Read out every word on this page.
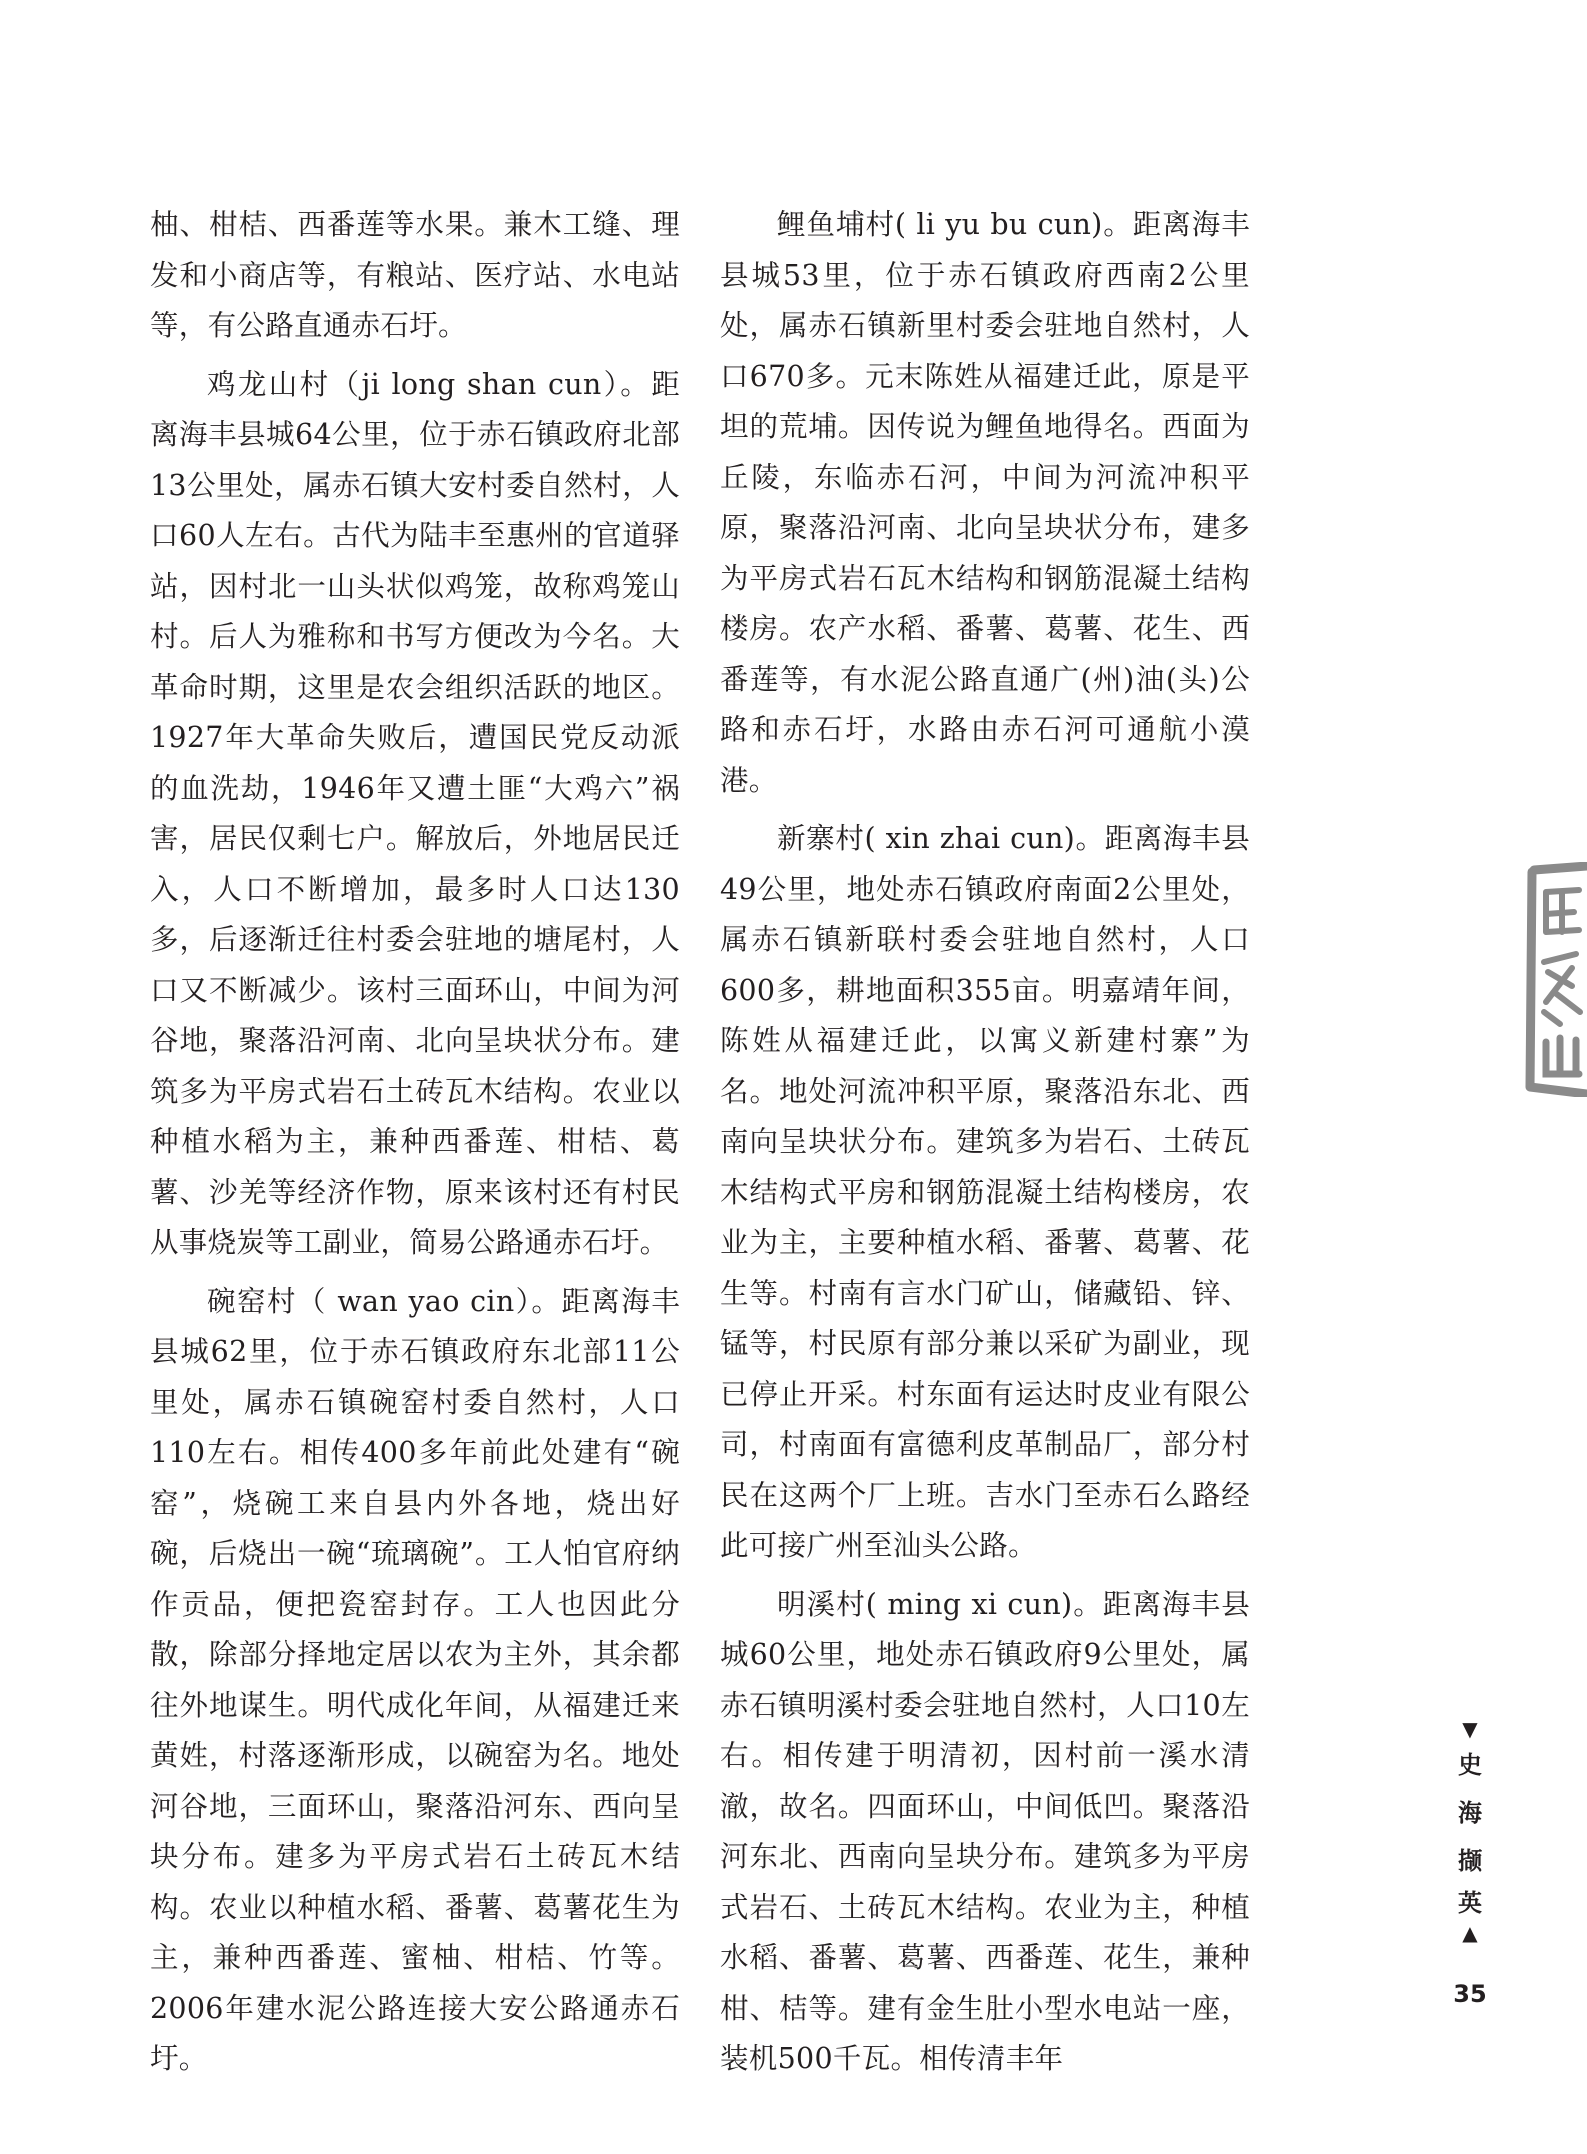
柚、柑桔、西番莲等水果。兼木工缝、理发和小商店等，有粮站、医疗站、水电站等，有公路直通赤石圩。

鸡龙山村（ji long shan cun）。距离海丰县城64公里，位于赤石镇政府北部13公里处，属赤石镇大安村委自然村，人口60人左右。古代为陆丰至惠州的官道驿站，因村北一山头状似鸡笼，故称鸡笼山村。后人为雅称和书写方便改为今名。大革命时期，这里是农会组织活跃的地区。1927年大革命失败后，遭国民党反动派的血洗劫，1946年又遭土匪“大鸡六”祸害，居民仅剩七户。解放后，外地居民迁入，人口不断增加，最多时人口达130多，后逐渐迁往村委会驻地的塘尾村，人口又不断减少。该村三面环山，中间为河谷地，聚落沿河南、北向呈块状分布。建筑多为平房式岩石土砖瓦木结构。农业以种植水稻为主，兼种西番莲、柑桔、葛薯、沙羌等经济作物，原来该村还有村民从事烧炭等工副业，简易公路通赤石圩。

碗窑村（ wan yao cin）。距离海丰县城62里，位于赤石镇政府东北部11公里处，属赤石镇碗窑村委自然村，人口110左右。相传400多年前此处建有“碗窑”，烧碗工来自县内外各地，烧出好碗，后烧出一碗“琉璃碗”。工人怕官府纳作贡品，便把瓷窑封存。工人也因此分散，除部分择地定居以农为主外，其余都往外地谋生。明代成化年间，从福建迁来黄姓，村落逐渐形成，以碗窑为名。地处河谷地，三面环山，聚落沿河东、西向呈块分布。建多为平房式岩石土砖瓦木结构。农业以种植水稻、番薯、葛薯花生为主，兼种西番莲、蜜柚、柑桔、竹等。2006年建水泥公路连接大安公路通赤石圩。

鲤鱼埔村( li yu bu cun)。距离海丰县城53里，位于赤石镇政府西南2公里处，属赤石镇新里村委会驻地自然村，人口670多。元末陈姓从福建迁此，原是平坦的荒埔。因传说为鲤鱼地得名。西面为丘陵，东临赤石河，中间为河流冲积平原，聚落沿河南、北向呈块状分布，建多为平房式岩石瓦木结构和钢筋混凝土结构楼房。农产水稻、番薯、葛薯、花生、西番莲等，有水泥公路直通广(州)油(头)公路和赤石圩，水路由赤石河可通航小漠港。

新寨村( xin zhai cun)。距离海丰县49公里，地处赤石镇政府南面2公里处，属赤石镇新联村委会驻地自然村，人口600多，耕地面积355亩。明嘉靖年间，陈姓从福建迁此，以寓义新建村寨”为名。地处河流冲积平原，聚落沿东北、西南向呈块状分布。建筑多为岩石、土砖瓦木结构式平房和钢筋混凝土结构楼房，农业为主，主要种植水稻、番薯、葛薯、花生等。村南有言水门矿山，储藏铅、锌、锰等，村民原有部分兼以采矿为副业，现已停止开采。村东面有运达时皮业有限公司，村南面有富德利皮革制品厂，部分村民在这两个厂上班。吉水门至赤石么路经此可接广州至汕头公路。

明溪村( ming xi cun)。距离海丰县城60公里，地处赤石镇政府9公里处，属赤石镇明溪村委会驻地自然村，人口10左右。相传建于明清初，因村前一溪水清澈，故名。四面环山，中间低凹。聚落沿河东北、西南向呈块分布。建筑多为平房式岩石、土砖瓦木结构。农业为主，种植水稻、番薯、葛薯、西番莲、花生，兼种柑、桔等。建有金生肚小型水电站一座，装机500千瓦。相传清丰年

▼
史
海
撷
英
▲
35
